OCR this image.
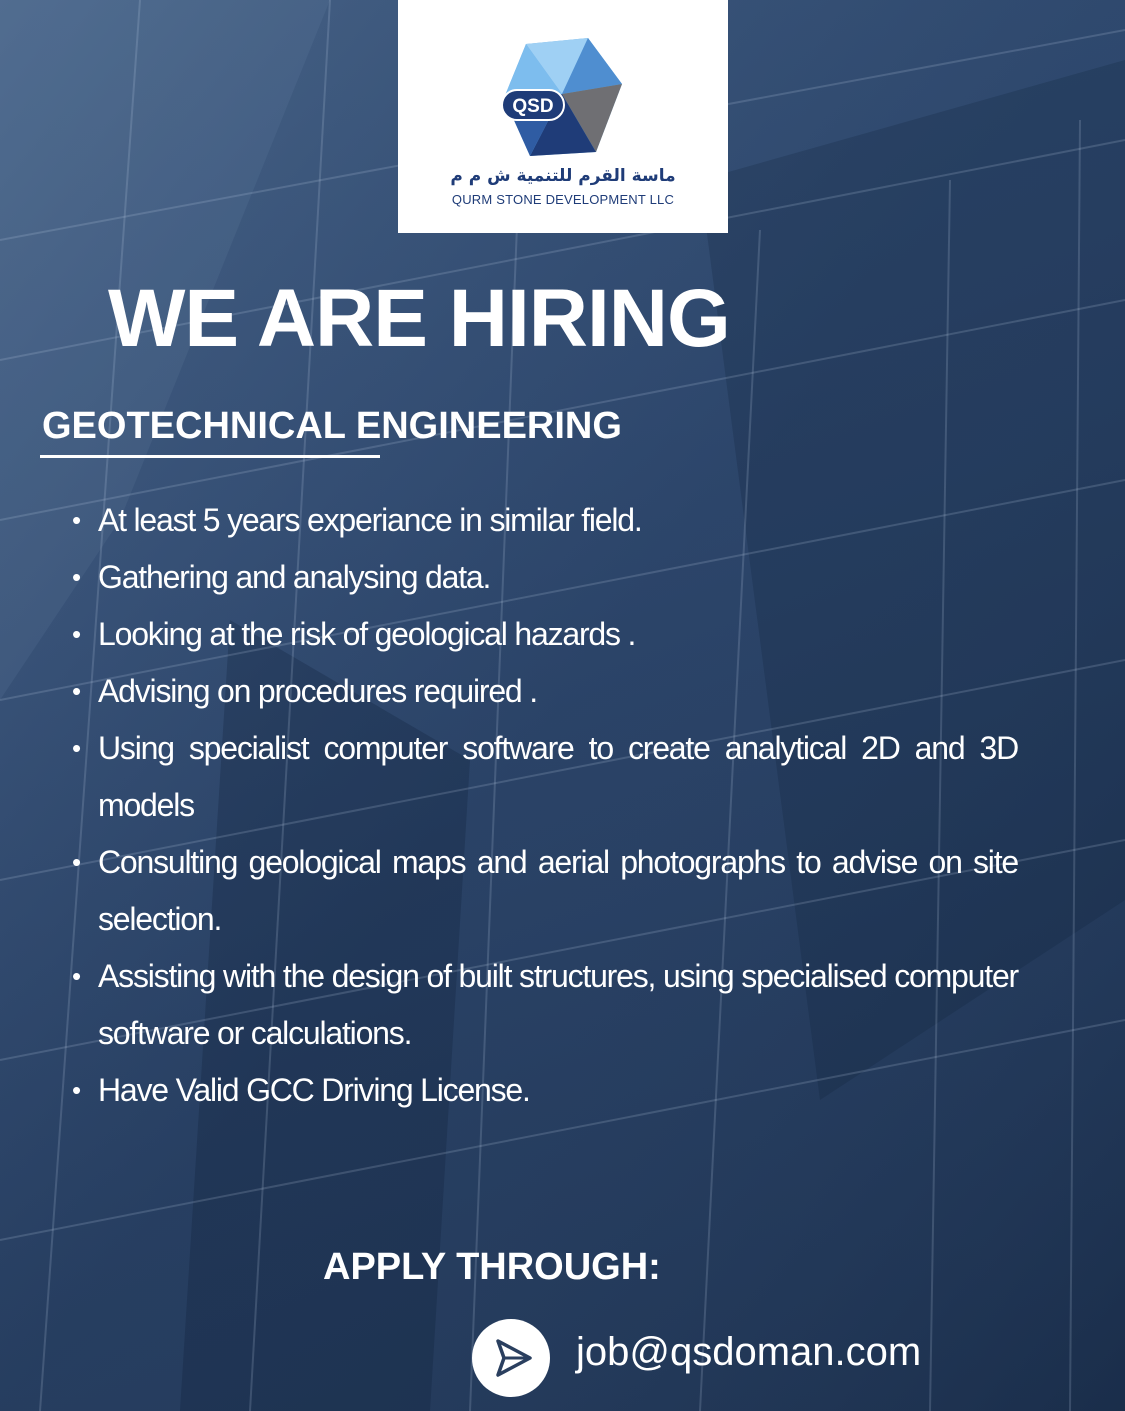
QSD
ماسة القرم للتنمية ش م م
QURM STONE DEVELOPMENT LLC
WE ARE HIRING
GEOTECHNICAL ENGINEERING
• At least 5 years experiance in similar field.
• Gathering and analysing data.
• Looking at the risk of geological hazards .
• Advising on procedures required .
• Using specialist computer software to create analytical 2D and 3D models
• Consulting geological maps and aerial photographs to advise on site selection.
• Assisting with the design of built structures, using specialised computer software or calculations.
• Have Valid GCC Driving License.
APPLY THROUGH:
job@qsdoman.com
